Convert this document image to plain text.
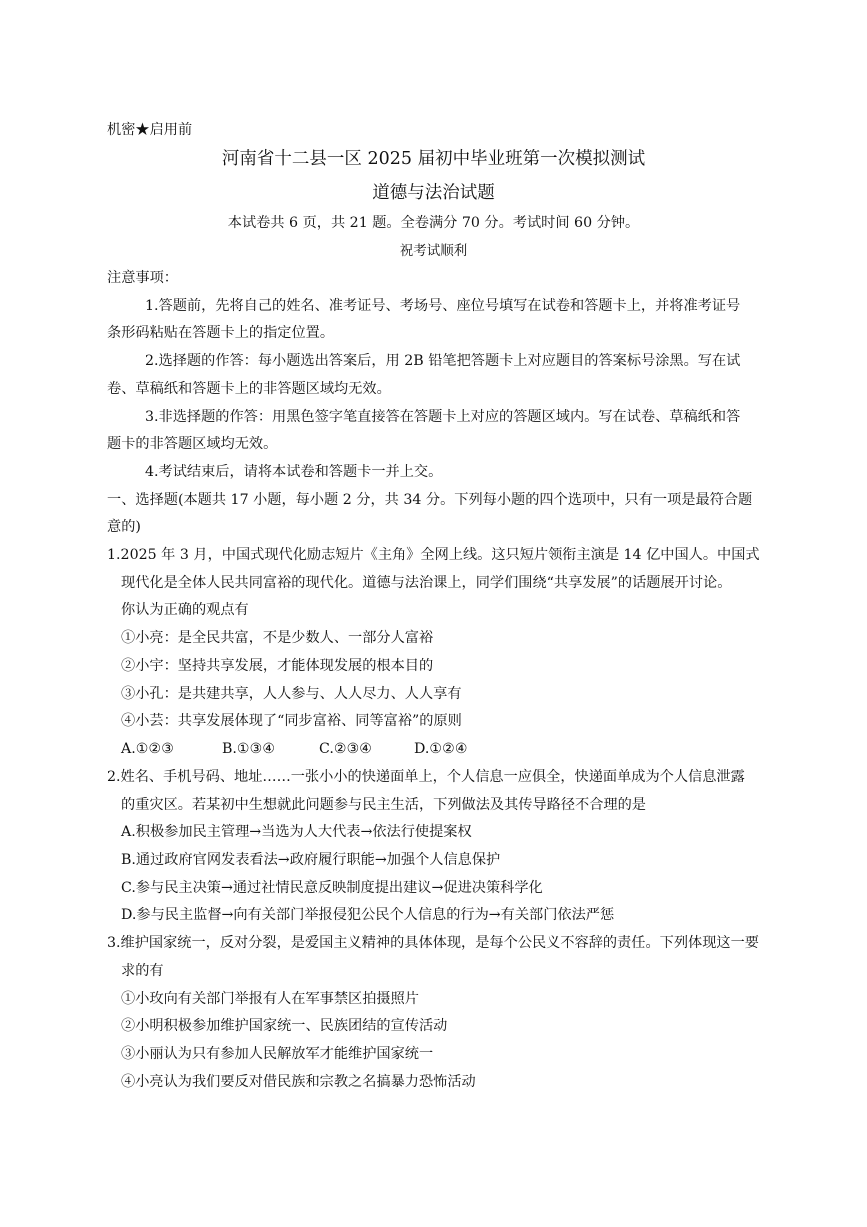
机密★启用前
河南省十二县一区 2025 届初中毕业班第一次模拟测试
道德与法治试题
本试卷共 6 页，共 21 题。全卷满分 70 分。考试时间 60 分钟。
祝考试顺利
注意事项：
1.答题前，先将自己的姓名、准考证号、考场号、座位号填写在试卷和答题卡上，并将准考证号
条形码粘贴在答题卡上的指定位置。
2.选择题的作答：每小题选出答案后，用 2B 铅笔把答题卡上对应题目的答案标号涂黑。写在试
卷、草稿纸和答题卡上的非答题区域均无效。
3.非选择题的作答：用黑色签字笔直接答在答题卡上对应的答题区域内。写在试卷、草稿纸和答
题卡的非答题区域均无效。
4.考试结束后，请将本试卷和答题卡一并上交。
一、选择题(本题共 17 小题，每小题 2 分，共 34 分。下列每小题的四个选项中，只有一项是最符合题
意的)
1.2025 年 3 月，中国式现代化励志短片《主角》全网上线。这只短片领衔主演是 14 亿中国人。中国式
现代化是全体人民共同富裕的现代化。道德与法治课上，同学们围绕“共享发展”的话题展开讨论。
你认为正确的观点有
①小亮：是全民共富，不是少数人、一部分人富裕
②小宇：坚持共享发展，才能体现发展的根本目的
③小孔：是共建共享，人人参与、人人尽力、人人享有
④小芸：共享发展体现了“同步富裕、同等富裕”的原则
A.①②③	B.①③④	C.②③④	D.①②④
2.姓名、手机号码、地址……一张小小的快递面单上，个人信息一应俱全，快递面单成为个人信息泄露
的重灾区。若某初中生想就此问题参与民主生活，下列做法及其传导路径不合理的是
A.积极参加民主管理→当选为人大代表→依法行使提案权
B.通过政府官网发表看法→政府履行职能→加强个人信息保护
C.参与民主决策→通过社情民意反映制度提出建议→促进决策科学化
D.参与民主监督→向有关部门举报侵犯公民个人信息的行为→有关部门依法严惩
3.维护国家统一，反对分裂，是爱国主义精神的具体体现，是每个公民义不容辞的责任。下列体现这一要
求的有
①小玫向有关部门举报有人在军事禁区拍摄照片
②小明积极参加维护国家统一、民族团结的宣传活动
③小丽认为只有参加人民解放军才能维护国家统一
④小亮认为我们要反对借民族和宗教之名搞暴力恐怖活动
